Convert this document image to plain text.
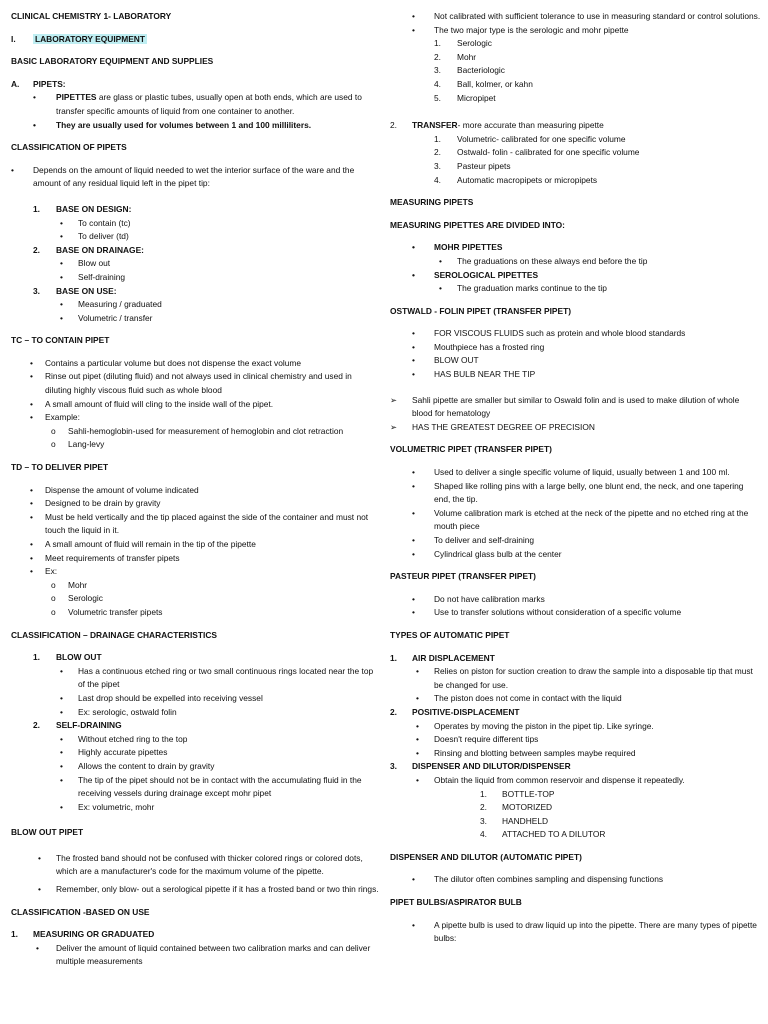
CLINICAL CHEMISTRY 1- LABORATORY
I. LABORATORY EQUIPMENT
BASIC LABORATORY EQUIPMENT AND SUPPLIES
A. PIPETS:
• PIPETTES are glass or plastic tubes, usually open at both ends, which are used to transfer specific amounts of liquid from one container to another.
• They are usually used for volumes between 1 and 100 milliliters.
CLASSIFICATION OF PIPETS
• Depends on the amount of liquid needed to wet the interior surface of the ware and the amount of any residual liquid left in the pipet tip:
1. BASE ON DESIGN:
• To contain (tc)
• To deliver (td)
2. BASE ON DRAINAGE:
• Blow out
• Self-draining
3. BASE ON USE:
• Measuring / graduated
• Volumetric / transfer
TC – TO CONTAIN PIPET
• Contains a particular volume but does not dispense the exact volume
• Rinse out pipet (diluting fluid) and not always used in clinical chemistry and used in diluting highly viscous fluid such as whole blood
• A small amount of fluid will cling to the inside wall of the pipet.
• Example:
o Sahli-hemoglobin-used for measurement of hemoglobin and clot retraction
o Lang-levy
TD – TO DELIVER PIPET
• Dispense the amount of volume indicated
• Designed to be drain by gravity
• Must be held vertically and the tip placed against the side of the container and must not touch the liquid in it.
• A small amount of fluid will remain in the tip of the pipette
• Meet requirements of transfer pipets
• Ex:
o Mohr
o Serologic
o Volumetric transfer pipets
CLASSIFICATION – DRAINAGE CHARACTERISTICS
1. BLOW OUT
• Has a continuous etched ring or two small continuous rings located near the top of the pipet
• Last drop should be expelled into receiving vessel
• Ex: serologic, ostwald folin
2. SELF-DRAINING
• Without etched ring to the top
• Highly accurate pipettes
• Allows the content to drain by gravity
• The tip of the pipet should not be in contact with the accumulating fluid in the receiving vessels during drainage except mohr pipet
• Ex: volumetric, mohr
BLOW OUT PIPET
• The frosted band should not be confused with thicker colored rings or colored dots, which are a manufacturer's code for the maximum volume of the pipette.
• Remember, only blow- out a serological pipette if it has a frosted band or two thin rings.
CLASSIFICATION -BASED ON USE
1. MEASURING OR GRADUATED
• Deliver the amount of liquid contained between two calibration marks and can deliver multiple measurements
• Not calibrated with sufficient tolerance to use in measuring standard or control solutions.
• The two major type is the serologic and mohr pipette
1. Serologic
2. Mohr
3. Bacteriologic
4. Ball, kolmer, or kahn
5. Micropipet
2. TRANSFER- more accurate than measuring pipette
1. Volumetric- calibrated for one specific volume
2. Ostwald- folin - calibrated for one specific volume
3. Pasteur pipets
4. Automatic macropipets or micropipets
MEASURING PIPETS
MEASURING PIPETTES ARE DIVIDED INTO:
• MOHR PIPETTES
• The graduations on these always end before the tip
• SEROLOGICAL PIPETTES
• The graduation marks continue to the tip
OSTWALD - FOLIN PIPET (TRANSFER PIPET)
• FOR VISCOUS FLUIDS such as protein and whole blood standards
• Mouthpiece has a frosted ring
• BLOW OUT
• HAS BULB NEAR THE TIP
➢ Sahli pipette are smaller but similar to Oswald folin and is used to make dilution of whole blood for hematology
➢ HAS THE GREATEST DEGREE OF PRECISION
VOLUMETRIC PIPET (TRANSFER PIPET)
• Used to deliver a single specific volume of liquid, usually between 1 and 100 ml.
• Shaped like rolling pins with a large belly, one blunt end, the neck, and one tapering end, the tip.
• Volume calibration mark is etched at the neck of the pipette and no etched ring at the mouth piece
• To deliver and self-draining
• Cylindrical glass bulb at the center
PASTEUR PIPET (TRANSFER PIPET)
• Do not have calibration marks
• Use to transfer solutions without consideration of a specific volume
TYPES OF AUTOMATIC PIPET
1. AIR DISPLACEMENT
• Relies on piston for suction creation to draw the sample into a disposable tip that must be changed for use.
• The piston does not come in contact with the liquid
2. POSITIVE-DISPLACEMENT
• Operates by moving the piston in the pipet tip. Like syringe.
• Doesn't require different tips
• Rinsing and blotting between samples maybe required
3. DISPENSER AND DILUTOR/DISPENSER
• Obtain the liquid from common reservoir and dispense it repeatedly.
1. BOTTLE-TOP
2. MOTORIZED
3. HANDHELD
4. ATTACHED TO A DILUTOR
DISPENSER AND DILUTOR (AUTOMATIC PIPET)
• The dilutor often combines sampling and dispensing functions
PIPET BULBS/ASPIRATOR BULB
• A pipette bulb is used to draw liquid up into the pipette. There are many types of pipette bulbs:
